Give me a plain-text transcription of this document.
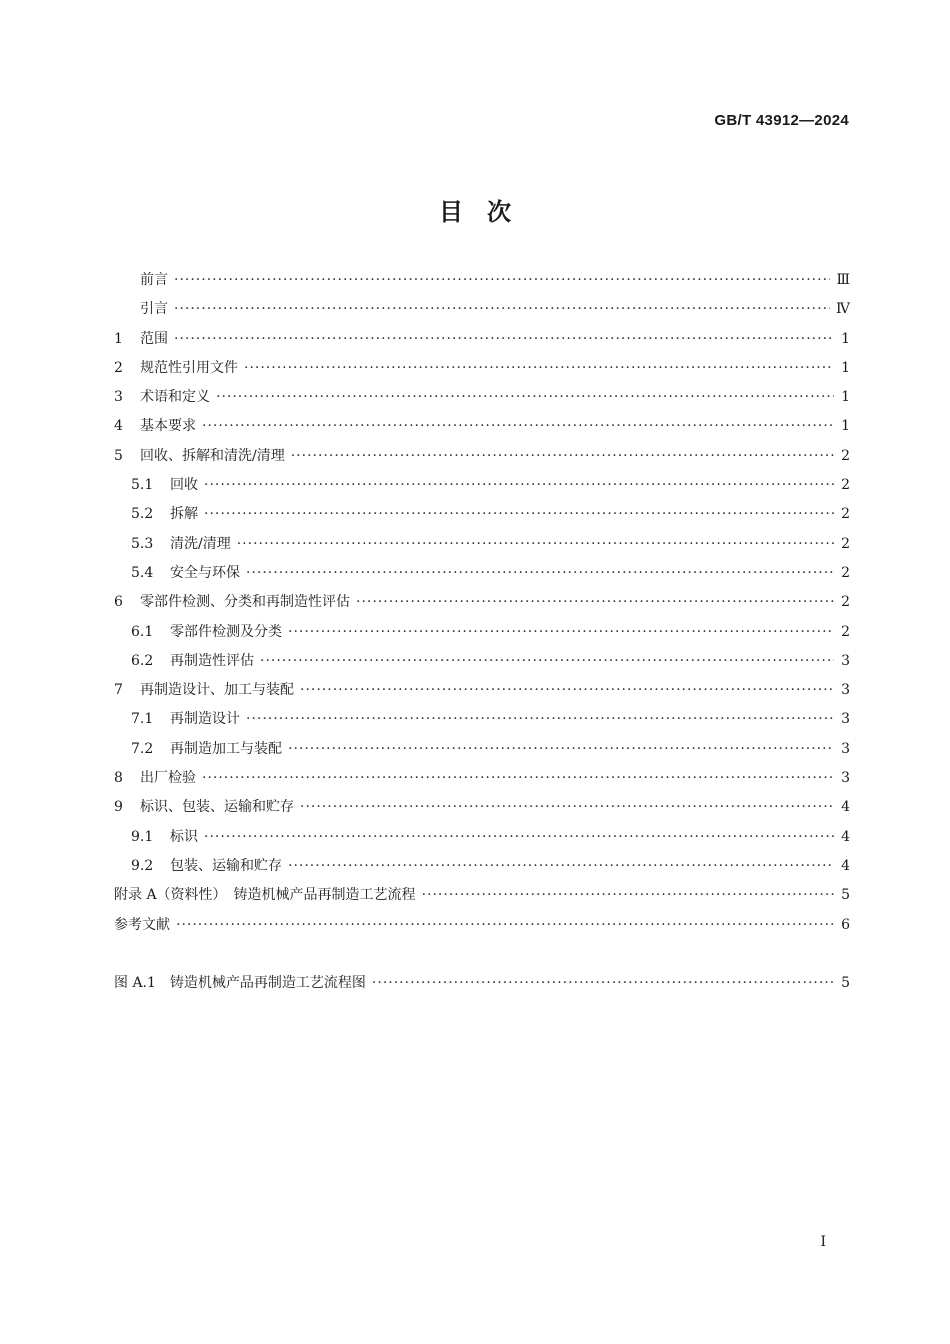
GB/T 43912—2024
目　次
前言 ·····	Ⅲ
引言 ·····	Ⅳ
1	范围 ·····	1
2	规范性引用文件 ·····	1
3	术语和定义 ·····	1
4	基本要求 ·····	1
5	回收、拆解和清洗/清理 ·····	2
5.1	回收 ·····	2
5.2	拆解 ·····	2
5.3	清洗/清理 ·····	2
5.4	安全与环保 ·····	2
6	零部件检测、分类和再制造性评估 ·····	2
6.1	零部件检测及分类 ·····	2
6.2	再制造性评估 ·····	3
7	再制造设计、加工与装配 ·····	3
7.1	再制造设计 ·····	3
7.2	再制造加工与装配 ·····	3
8	出厂检验 ·····	3
9	标识、包装、运输和贮存 ·····	4
9.1	标识 ·····	4
9.2	包装、运输和贮存 ·····	4
附录 A（资料性）　铸造机械产品再制造工艺流程 ·····	5
参考文献 ·····	6
图 A.1　铸造机械产品再制造工艺流程图 ·····	5
Ⅰ
